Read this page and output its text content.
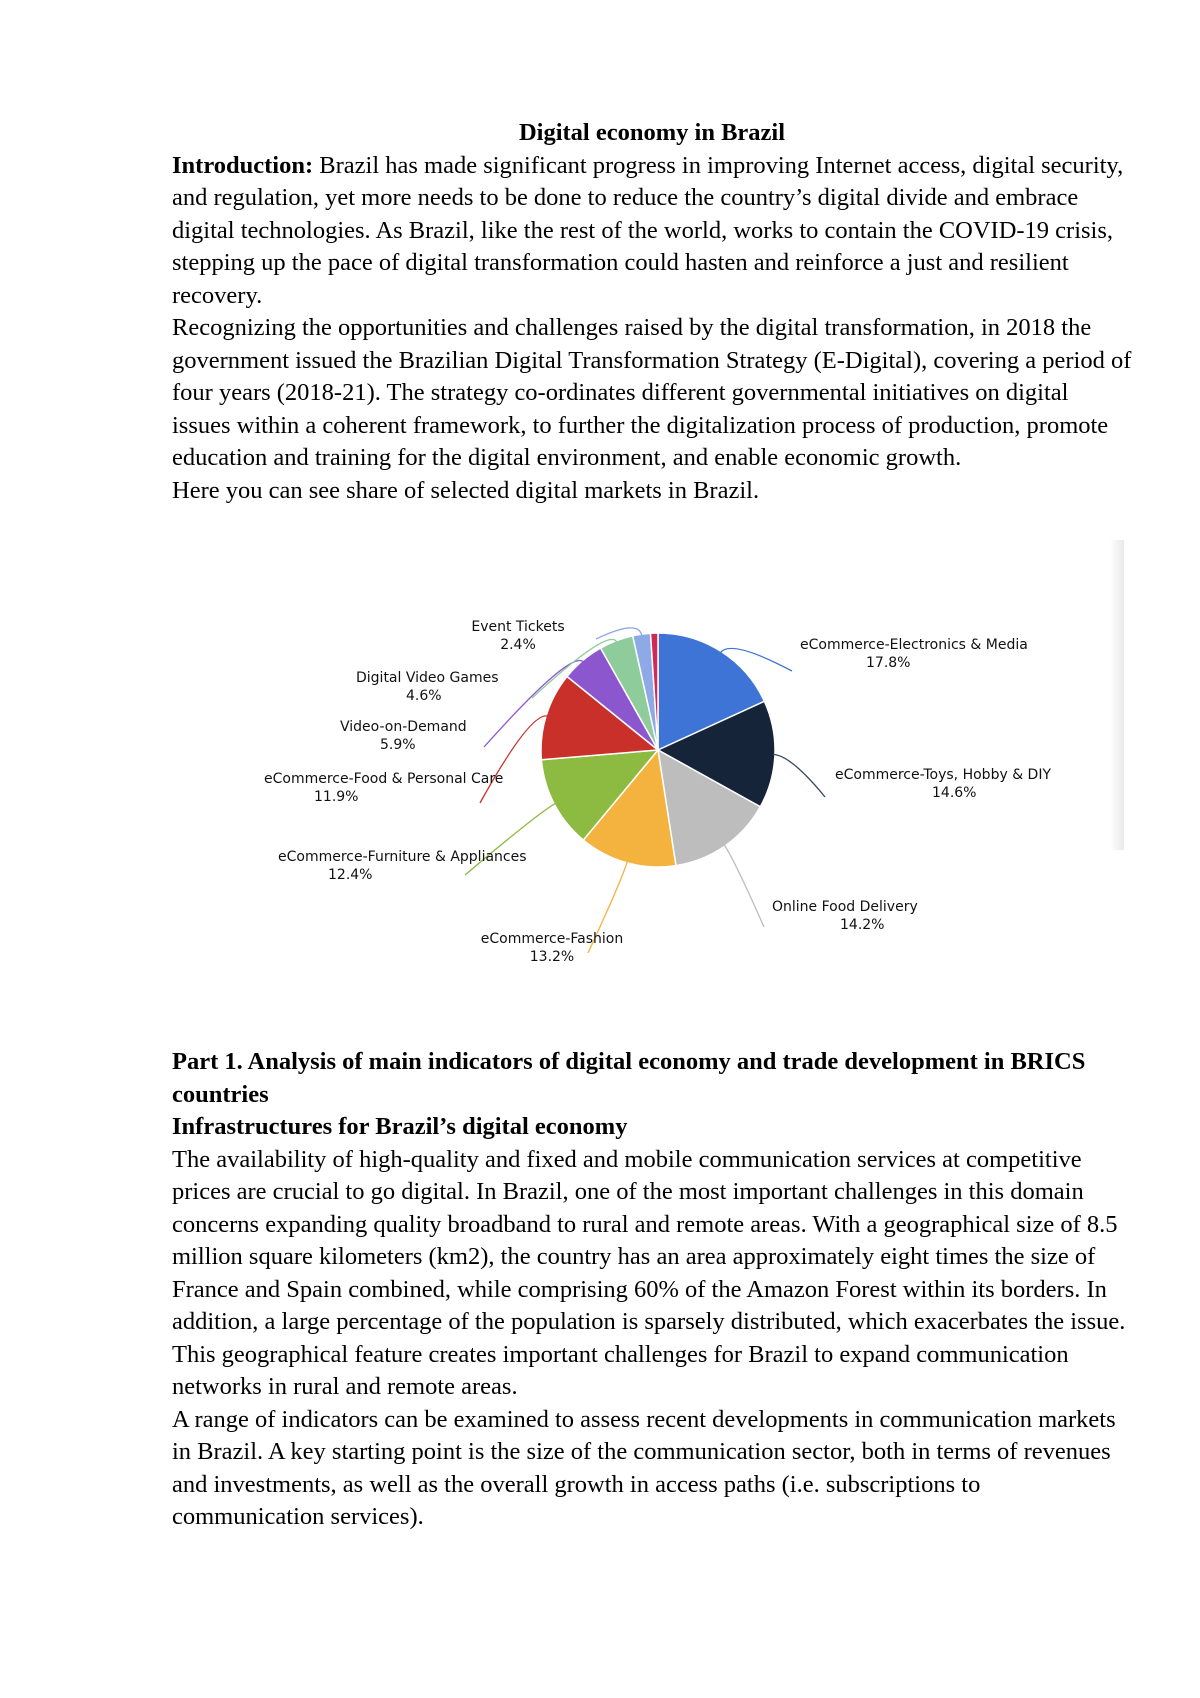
Digital economy in Brazil

Introduction: Brazil has made significant progress in improving Internet access, digital security, and regulation, yet more needs to be done to reduce the country’s digital divide and embrace digital technologies. As Brazil, like the rest of the world, works to contain the COVID-19 crisis, stepping up the pace of digital transformation could hasten and reinforce a just and resilient recovery.

Recognizing the opportunities and challenges raised by the digital transformation, in 2018 the government issued the Brazilian Digital Transformation Strategy (E-Digital), covering a period of four years (2018-21). The strategy co-ordinates different governmental initiatives on digital issues within a coherent framework, to further the digitalization process of production, promote education and training for the digital environment, and enable economic growth.

Here you can see share of selected digital markets in Brazil.

eCommerce-Electronics & Media
17.8%
eCommerce-Toys, Hobby & DIY
14.6%
Online Food Delivery
14.2%
eCommerce-Fashion
13.2%
eCommerce-Furniture & Appliances
12.4%
eCommerce-Food & Personal Care
11.9%
Video-on-Demand
5.9%
Digital Video Games
4.6%
Event Tickets
2.4%

Part 1. Analysis of main indicators of digital economy and trade development in BRICS countries

Infrastructures for Brazil’s digital economy

The availability of high-quality and fixed and mobile communication services at competitive prices are crucial to go digital. In Brazil, one of the most important challenges in this domain concerns expanding quality broadband to rural and remote areas. With a geographical size of 8.5 million square kilometers (km2), the country has an area approximately eight times the size of France and Spain combined, while comprising 60% of the Amazon Forest within its borders. In addition, a large percentage of the population is sparsely distributed, which exacerbates the issue. This geographical feature creates important challenges for Brazil to expand communication networks in rural and remote areas.

A range of indicators can be examined to assess recent developments in communication markets in Brazil. A key starting point is the size of the communication sector, both in terms of revenues and investments, as well as the overall growth in access paths (i.e. subscriptions to communication services).
